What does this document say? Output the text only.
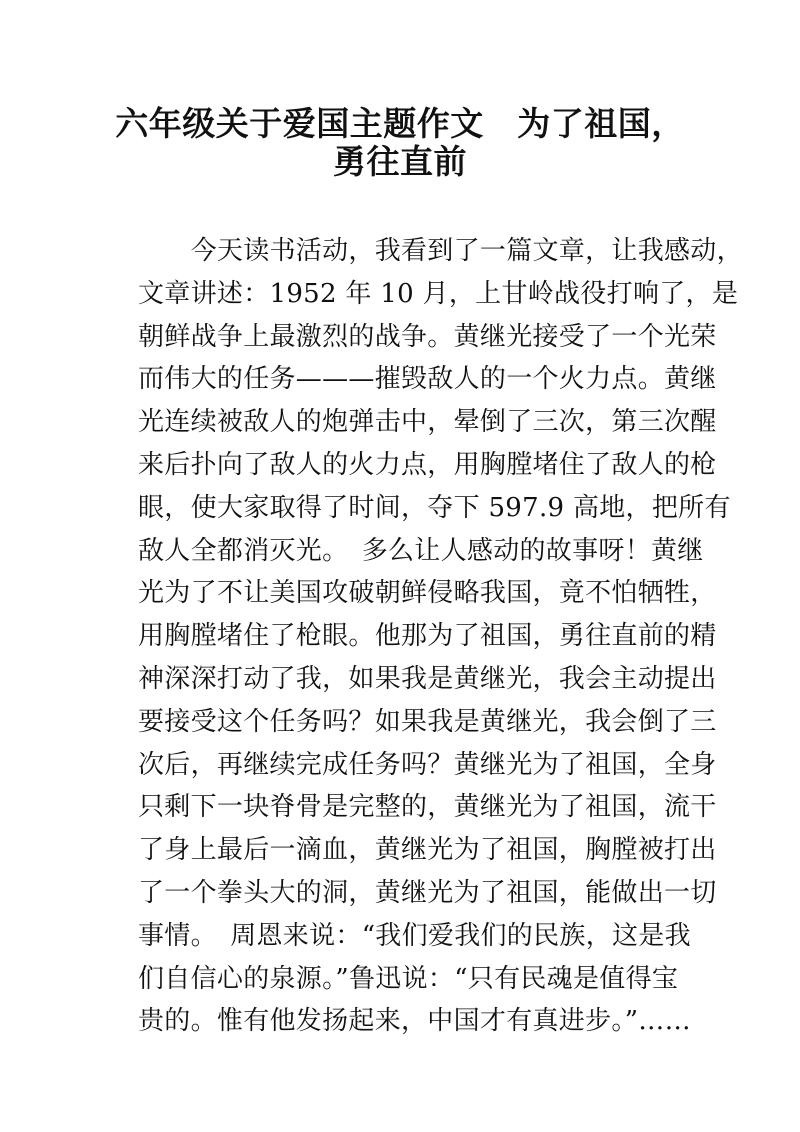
六年级关于爱国主题作文　为了祖国，
勇往直前
　　今天读书活动，我看到了一篇文章，让我感动，
文章讲述：1952 年 10 月，上甘岭战役打响了，是
朝鲜战争上最激烈的战争。黄继光接受了一个光荣
而伟大的任务———摧毁敌人的一个火力点。黄继
光连续被敌人的炮弹击中，晕倒了三次，第三次醒
来后扑向了敌人的火力点，用胸膛堵住了敌人的枪
眼，使大家取得了时间，夺下 597.9 高地，把所有
敌人全都消灭光。　多么让人感动的故事呀！黄继
光为了不让美国攻破朝鲜侵略我国，竟不怕牺牲，
用胸膛堵住了枪眼。他那为了祖国，勇往直前的精
神深深打动了我，如果我是黄继光，我会主动提出
要接受这个任务吗？如果我是黄继光，我会倒了三
次后，再继续完成任务吗？黄继光为了祖国，全身
只剩下一块脊骨是完整的，黄继光为了祖国，流干
了身上最后一滴血，黄继光为了祖国，胸膛被打出
了一个拳头大的洞，黄继光为了祖国，能做出一切
事情。　周恩来说：“我们爱我们的民族，这是我
们自信心的泉源。”鲁迅说：“只有民魂是值得宝
贵的。惟有他发扬起来，中国才有真进步。”……
